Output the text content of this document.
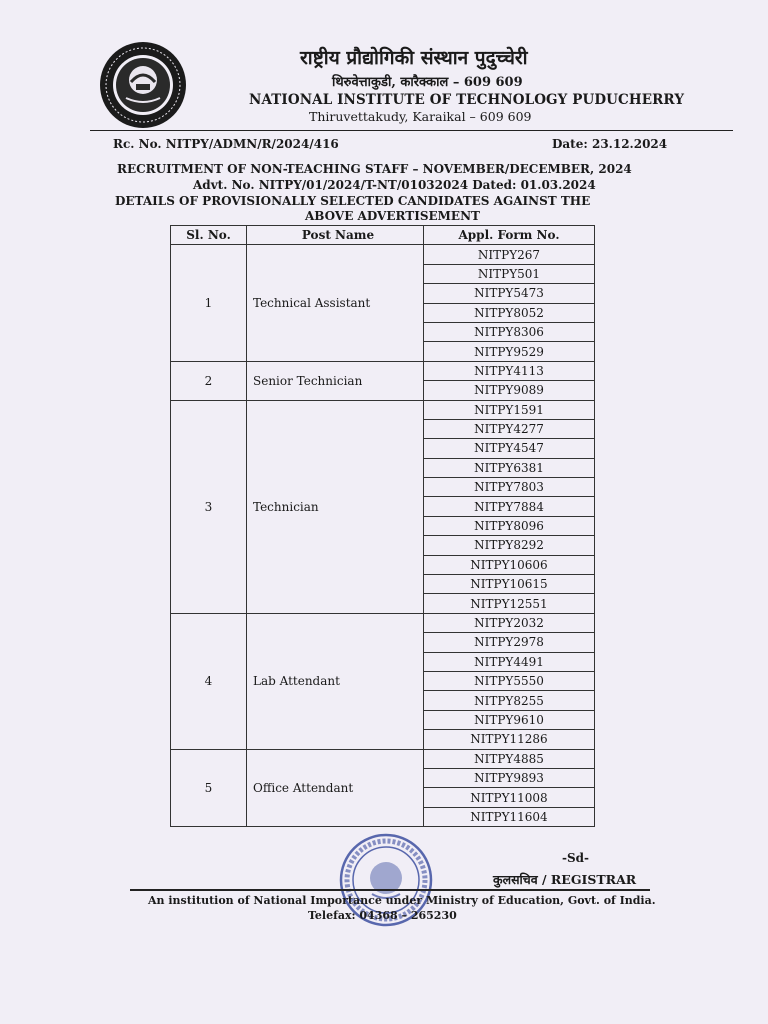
राष्ट्रीय प्रौद्योगिकी संस्थान पुदुच्चेरी
थिरुवेत्ताकुडी, कारैक्काल – 609 609
NATIONAL INSTITUTE OF TECHNOLOGY PUDUCHERRY
Thiruvettakudy, Karaikal – 609 609
Rc. No. NITPY/ADMN/R/2024/416	Date: 23.12.2024
RECRUITMENT OF NON-TEACHING STAFF – NOVEMBER/DECEMBER, 2024
Advt. No. NITPY/01/2024/T-NT/01032024 Dated: 01.03.2024
DETAILS OF PROVISIONALLY SELECTED CANDIDATES AGAINST THE
ABOVE ADVERTISEMENT
Sl. No.	Post Name	Appl. Form No.
1	Technical Assistant	NITPY267
		NITPY501
		NITPY5473
		NITPY8052
		NITPY8306
		NITPY9529
2	Senior Technician	NITPY4113
		NITPY9089
3	Technician	NITPY1591
		NITPY4277
		NITPY4547
		NITPY6381
		NITPY7803
		NITPY7884
		NITPY8096
		NITPY8292
		NITPY10606
		NITPY10615
		NITPY12551
4	Lab Attendant	NITPY2032
		NITPY2978
		NITPY4491
		NITPY5550
		NITPY8255
		NITPY9610
		NITPY11286
5	Office Attendant	NITPY4885
		NITPY9893
		NITPY11008
		NITPY11604
-Sd-
कुलसचिव / REGISTRAR
An institution of National Importance under Ministry of Education, Govt. of India.
Telefax: 04368 – 265230
